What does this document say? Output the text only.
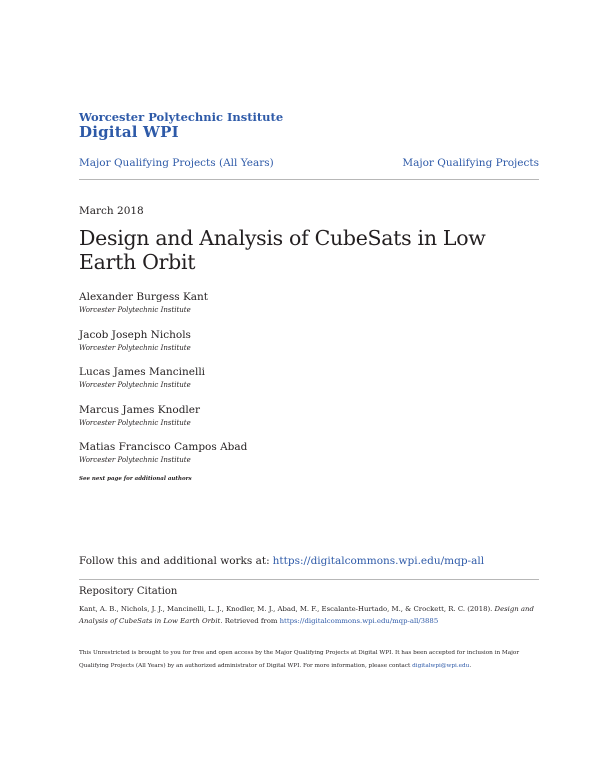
Worcester Polytechnic Institute
Digital WPI
Major Qualifying Projects (All Years)	Major Qualifying Projects
March 2018
Design and Analysis of CubeSats in Low Earth Orbit
Alexander Burgess Kant
Worcester Polytechnic Institute
Jacob Joseph Nichols
Worcester Polytechnic Institute
Lucas James Mancinelli
Worcester Polytechnic Institute
Marcus James Knodler
Worcester Polytechnic Institute
Matias Francisco Campos Abad
Worcester Polytechnic Institute
See next page for additional authors
Follow this and additional works at: https://digitalcommons.wpi.edu/mqp-all
Repository Citation
Kant, A. B., Nichols, J. J., Mancinelli, L. J., Knodler, M. J., Abad, M. F., Escalante-Hurtado, M., & Crockett, R. C. (2018). Design and Analysis of CubeSats in Low Earth Orbit. Retrieved from https://digitalcommons.wpi.edu/mqp-all/3885
This Unrestricted is brought to you for free and open access by the Major Qualifying Projects at Digital WPI. It has been accepted for inclusion in Major Qualifying Projects (All Years) by an authorized administrator of Digital WPI. For more information, please contact digitalwpi@wpi.edu.
